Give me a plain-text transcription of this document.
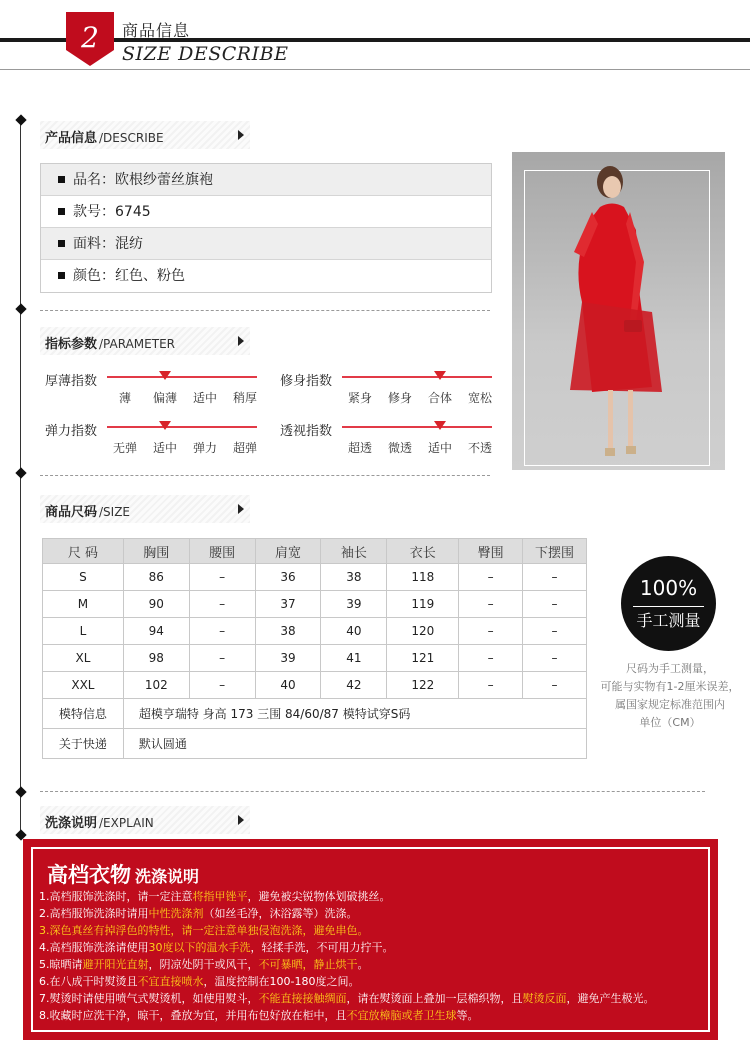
2 商品信息
SIZE DESCRIBE
产品信息 /DESCRIBE
品名：欧根纱蕾丝旗袍
款号：6745
面料：混纺
颜色：红色、粉色
指标参数 /PARAMETER
厚薄指数
薄	偏薄	适中	稍厚
修身指数
紧身	修身	合体	宽松
弹力指数
无弹	适中	弹力	超弹
透视指数
超透	微透	适中	不透
商品尺码 /SIZE
尺 码	胸围	腰围	肩宽	袖长	衣长	臀围	下摆围
S	86	–	36	38	118	–	–
M	90	–	37	39	119	–	–
L	94	–	38	40	120	–	–
XL	98	–	39	41	121	–	–
XXL	102	–	40	42	122	–	–
模特信息	超模亨瑞特 身高 173 三围 84/60/87 模特试穿S码						
关于快递	默认圆通						
100%
手工测量
尺码为手工测量，
可能与实物有1-2厘米误差，
属国家规定标准范围内
单位（CM）
洗涤说明 /EXPLAIN
高档衣物 洗涤说明
1.高档服饰洗涤时，请一定注意将指甲锉平，避免被尖锐物体划破挑丝。
2.高档服饰洗涤时请用中性洗涤剂（如丝毛净，沐浴露等）洗涤。
3.深色真丝有掉浮色的特性，请一定注意单独侵泡洗涤，避免串色。
4.高档服饰洗涤请使用30度以下的温水手洗，轻揉手洗，不可用力拧干。
5.晾晒请避开阳光直射，阴凉处阴干或风干，不可暴晒，静止烘干。
6.在八成干时熨烫且不宜直接喷水，温度控制在100-180度之间。
7.熨烫时请使用喷气式熨烫机，如使用熨斗，不能直接接触绸面，请在熨烫面上叠加一层棉织物，且熨烫反面，避免产生极光。
8.收藏时应洗干净，晾干，叠放为宜，并用布包好放在柜中，且不宜放樟脑或者卫生球等。
